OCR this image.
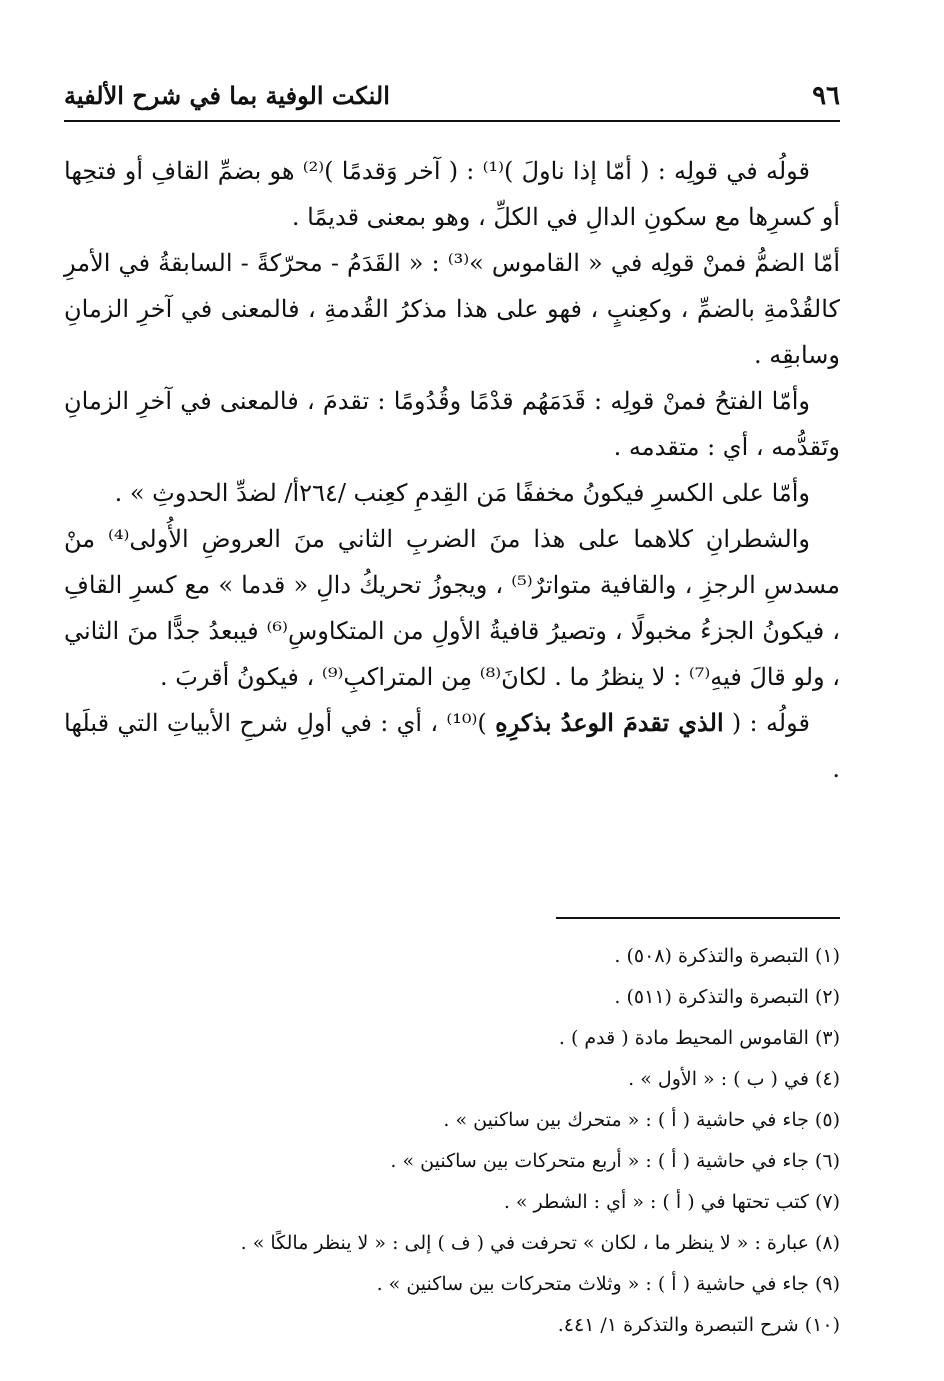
٩٦
النكت الوفية بما في شرح الألفية

قولُه في قولِه : ( أمّا إذا ناولَ )⁽¹⁾ : ( آخر وَقدمًا )⁽²⁾ هو بضمِّ القافِ أو فتحِها أو كسرِها مع سكونِ الدالِ في الكلِّ ، وهو بمعنى قديمًا .

أمّا الضمُّ فمنْ قولِه في « القاموس »⁽³⁾ : « القَدَمُ - محرّكةً - السابقةُ في الأمرِ كالقُدْمةِ بالضمِّ ، وكعِنبٍ ، فهو على هذا مذكرُ القُدمةِ ، فالمعنى في آخرِ الزمانِ وسابقِه .

وأمّا الفتحُ فمنْ قولِه : قَدَمَهُم قدْمًا وقُدُومًا : تقدمَ ، فالمعنى في آخرِ الزمانِ وتَقدُّمه ، أي : متقدمه .

وأمّا على الكسرِ فيكونُ مخففًا مَن القِدمِ كعِنب /٢٦٤أ/ لضدِّ الحدوثِ » .

والشطرانِ كلاهما على هذا منَ الضربِ الثاني منَ العروضِ الأُولى⁽⁴⁾ منْ مسدسِ الرجزِ ، والقافية متواترٌ⁽⁵⁾ ، ويجوزُ تحريكُ دالِ « قدما » مع كسرِ القافِ ، فيكونُ الجزءُ مخبولًا ، وتصيرُ قافيةُ الأولِ من المتكاوسِ⁽⁶⁾ فيبعدُ جدًّا منَ الثاني ، ولو قالَ فيهِ⁽⁷⁾ : لا ينظرُ ما . لكانَ⁽⁸⁾ مِن المتراكبِ⁽⁹⁾ ، فيكونُ أقربَ .

قولُه : ( الذي تقدمَ الوعدُ بذكرِهِ )⁽¹⁰⁾ ، أي : في أولِ شرحِ الأبياتِ التي قبلَها .

(١) التبصرة والتذكرة (٥٠٨) .
(٢) التبصرة والتذكرة (٥١١) .
(٣) القاموس المحيط مادة ( قدم ) .
(٤) في ( ب ) : « الأول » .
(٥) جاء في حاشية ( أ ) : « متحرك بين ساكنين » .
(٦) جاء في حاشية ( أ ) : « أربع متحركات بين ساكنين » .
(٧) كتب تحتها في ( أ ) : « أي : الشطر » .
(٨) عبارة : « لا ينظر ما ، لكان » تحرفت في ( ف ) إلى : « لا ينظر مالكًا » .
(٩) جاء في حاشية ( أ ) : « وثلاث متحركات بين ساكنين » .
(١٠) شرح التبصرة والتذكرة ١/ ٤٤١.
